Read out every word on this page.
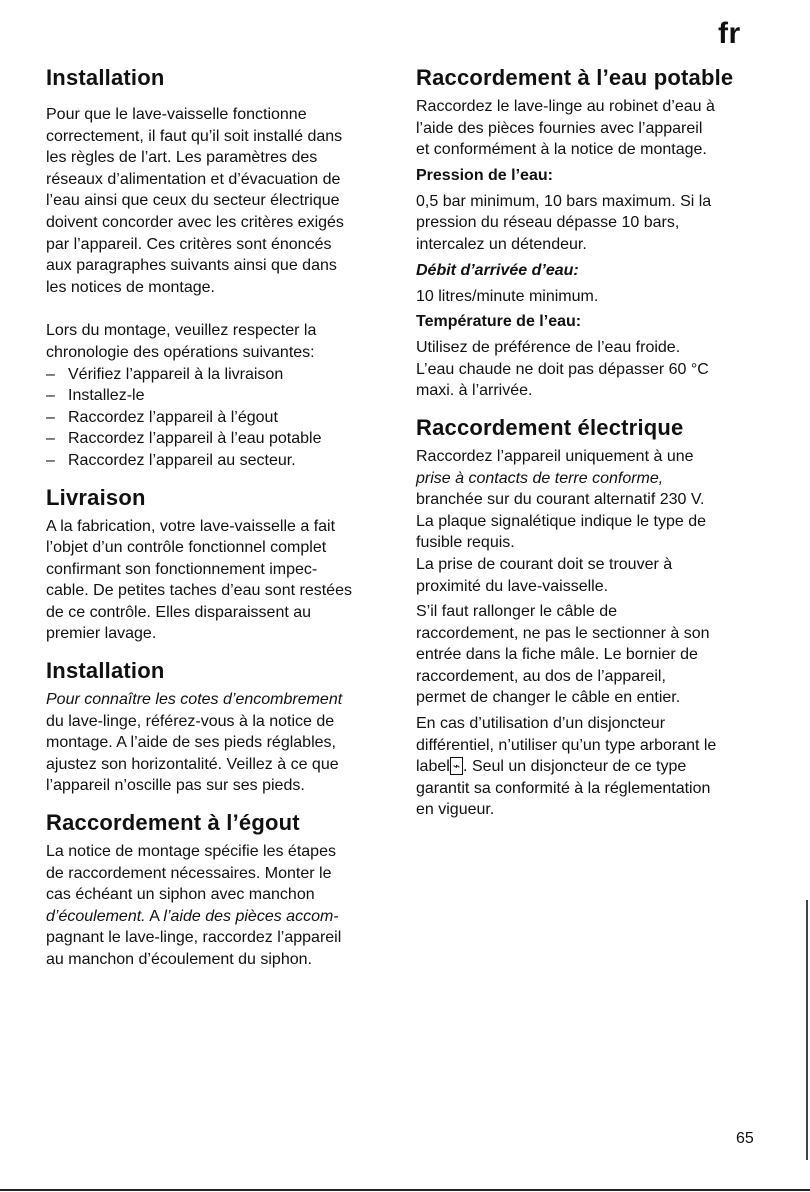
fr
Installation

Pour que le lave-vaisselle fonctionne
correctement, il faut qu’il soit installé dans
les règles de l’art. Les paramètres des
réseaux d’alimentation et d’évacuation de
l’eau ainsi que ceux du secteur électrique
doivent concorder avec les critères exigés
par l’appareil. Ces critères sont énoncés
aux paragraphes suivants ainsi que dans
les notices de montage.

Lors du montage, veuillez respecter la
chronologie des opérations suivantes:

– Vérifiez l’appareil à la livraison
– Installez-le
– Raccordez l’appareil à l’égout
– Raccordez l’appareil à l’eau potable
– Raccordez l’appareil au secteur.
Livraison

A la fabrication, votre lave-vaisselle a fait
l’objet d’un contrôle fonctionnel complet
confirmant son fonctionnement impec-
cable. De petites taches d’eau sont restées
de ce contrôle. Elles disparaissent au
premier lavage.

Installation

Pour connaître les cotes d’encombrement

du lave-linge, référez-vous à la notice de
montage. A l’aide de ses pieds réglables,
ajustez son horizontalité. Veillez à ce que
l’appareil n’oscille pas sur ses pieds.

Raccordement à l’égout

La notice de montage spécifie les étapes
de raccordement nécessaires. Monter le
cas échéant un siphon avec manchon

d’écoulement. A l’aide des pièces accom-

pagnant le lave-linge, raccordez l’appareil
au manchon d’écoulement du siphon.

Raccordement à l’eau potable

Raccordez le lave-linge au robinet d’eau à
l’aide des pièces fournies avec l’appareil
et conformément à la notice de montage.

Pression de l’eau:

0,5 bar minimum, 10 bars maximum. Si la
pression du réseau dépasse 10 bars,
intercalez un détendeur.

Débit d’arrivée d’eau:

10 litres/minute minimum.

Température de l’eau:

Utilisez de préférence de l’eau froide.
L’eau chaude ne doit pas dépasser 60 °C
maxi. à l’arrivée.

Raccordement électrique

Raccordez l’appareil uniquement à une

prise à contacts de terre conforme,

branchée sur du courant alternatif 230 V.

La plaque signalétique indique le type de
fusible requis.

La prise de courant doit se trouver à
proximité du lave-vaisselle.

S’il faut rallonger le câble de
raccordement, ne pas le sectionner à son
entrée dans la fiche mâle. Le bornier de
raccordement, au dos de l’appareil,
permet de changer le câble en entier.

En cas d’utilisation d’un disjoncteur
différentiel, n’utiliser qu’un type arborant le

label ⌁ . Seul un disjoncteur de ce type

garantit sa conformité à la réglementation
en vigueur.

65
